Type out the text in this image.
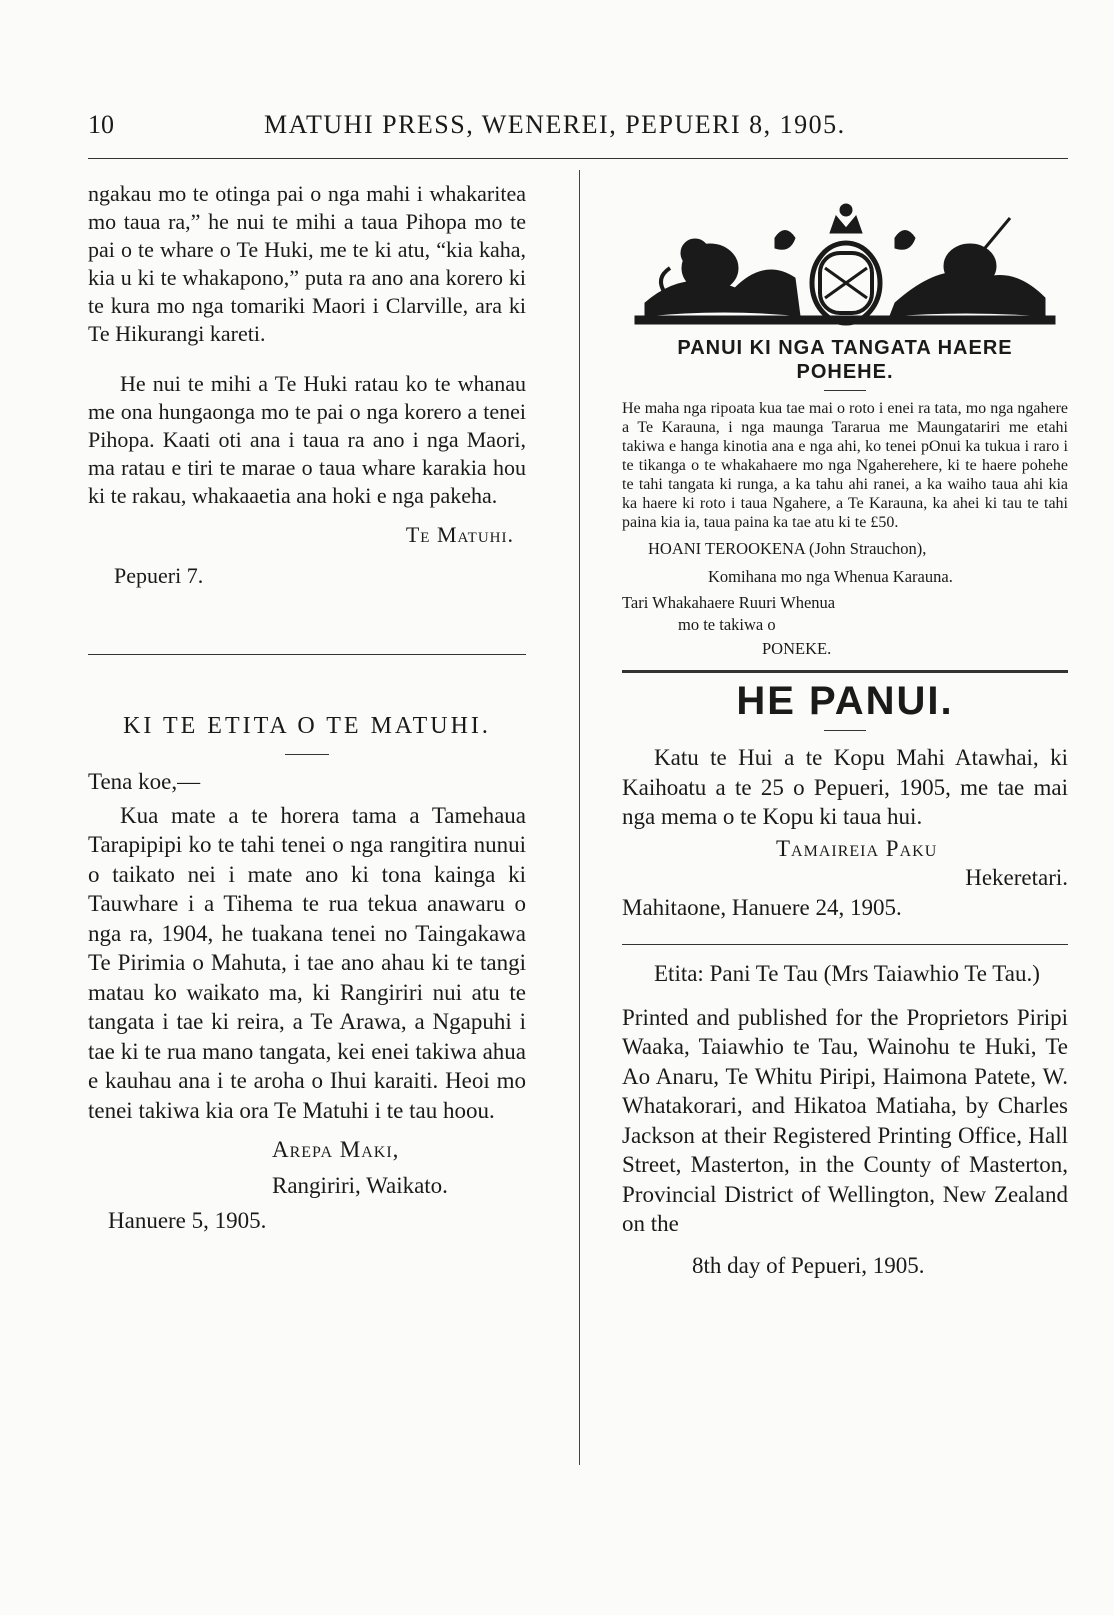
10	MATUHI PRESS, WENEREI, PEPUERI 8, 1905.

ngakau mo te otinga pai o nga mahi i whakaritea mo taua ra,” he nui te mihi a taua Pihopa mo te pai o te whare o Te Huki, me te ki atu, “kia kaha, kia u ki te whakapono,” puta ra ano ana korero ki te kura mo nga tomariki Maori i Clarville, ara ki Te Hikurangi kareti.

He nui te mihi a Te Huki ratau ko te whanau me ona hungaonga mo te pai o nga korero a tenei Pihopa. Kaati oti ana i taua ra ano i nga Maori, ma ratau e tiri te marae o taua whare karakia hou ki te rakau, whakaaetia ana hoki e nga pakeha.

Te Matuhi.

Pepueri 7.

KI TE ETITA O TE MATUHI.

Tena koe,—

Kua mate a te horera tama a Tamehaua Tarapipipi ko te tahi tenei o nga rangitira nunui o taikato nei i mate ano ki tona kainga ki Tauwhare i a Tihema te rua tekua anawaru o nga ra, 1904, he tuakana tenei no Taingakawa Te Pirimia o Mahuta, i tae ano ahau ki te tangi matau ko waikato ma, ki Rangiriri nui atu te tangata i tae ki reira, a Te Arawa, a Ngapuhi i tae ki te rua mano tangata, kei enei takiwa ahua e kauhau ana i te aroha o Ihui karaiti. Heoi mo tenei takiwa kia ora Te Matuhi i te tau hoou.

Arepa Maki,

Rangiriri, Waikato.

Hanuere 5, 1905.

PANUI KI NGA TANGATA HAERE

POHEHE.

He maha nga ripoata kua tae mai o roto i enei ra tata, mo nga ngahere a Te Karauna, i nga maunga Tararua me Maungatariri me etahi takiwa e hanga kinotia ana e nga ahi, ko tenei pOnui ka tukua i raro i te tikanga o te whakahaere mo nga Ngaherehere, ki te haere pohehe te tahi tangata ki runga, a ka tahu ahi ranei, a ka waiho taua ahi kia ka haere ki roto i taua Ngahere, a Te Karauna, ka ahei ki tau te tahi paina kia ia, taua paina ka tae atu ki te £50.

HOANI TEROOKENA (John Strauchon),

Komihana mo nga Whenua Karauna.

Tari Whakahaere Ruuri Whenua

mo te takiwa o

PONEKE.

HE PANUI.

Katu te Hui a te Kopu Mahi Atawhai, ki Kaihoatu a te 25 o Pepueri, 1905, me tae mai nga mema o te Kopu ki taua hui.

Tamaireia Paku

Hekeretari.

Mahitaone, Hanuere 24, 1905.

Etita: Pani Te Tau (Mrs Taiawhio Te Tau.)

Printed and published for the Proprietors Piripi Waaka, Taiawhio te Tau, Wainohu te Huki, Te Ao Anaru, Te Whitu Piripi, Haimona Patete, W. Whatakorari, and Hikatoa Matiaha, by Charles Jackson at their Registered Printing Office, Hall Street, Masterton, in the County of Masterton, Provincial District of Wellington, New Zealand on the

8th day of Pepueri, 1905.
